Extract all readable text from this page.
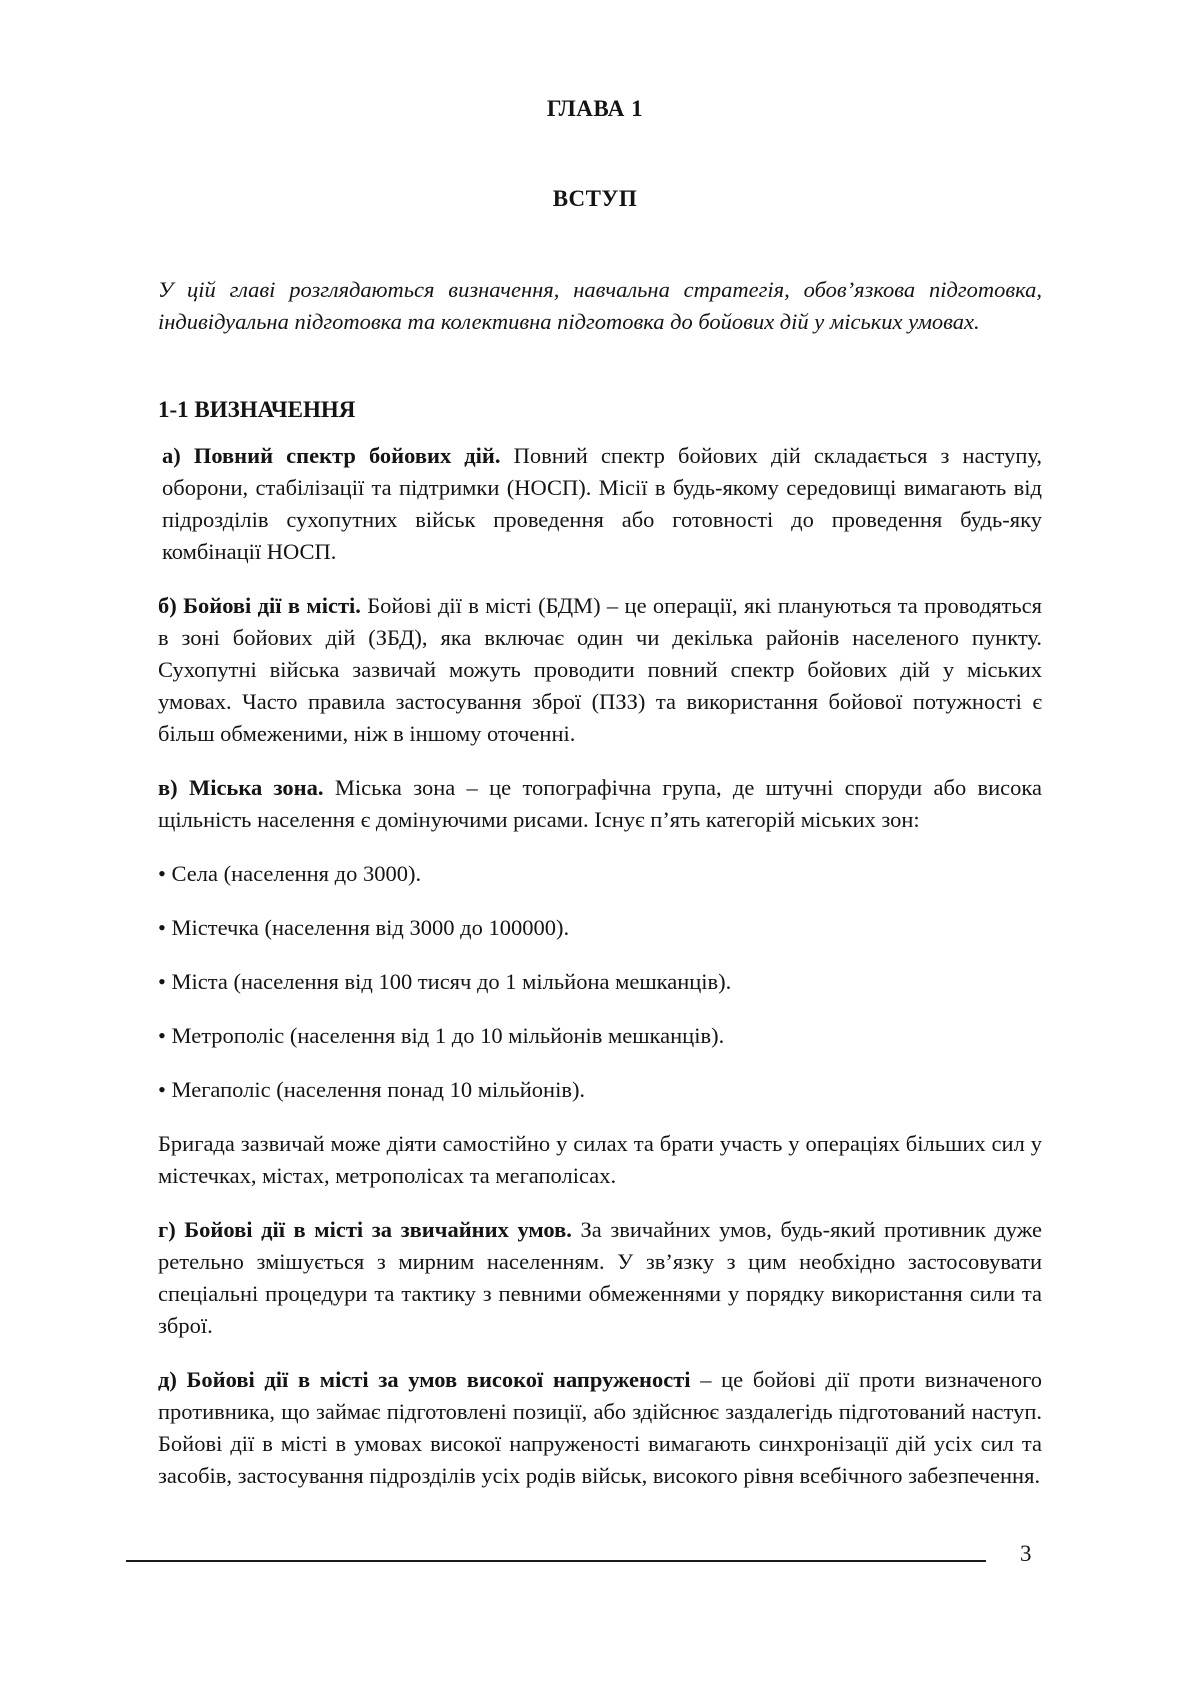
ГЛАВА 1
ВСТУП

У цій главі розглядаються визначення, навчальна стратегія, обов’язкова підготовка, індивідуальна підготовка та колективна підготовка до бойових дій у міських умовах.

1-1 ВИЗНАЧЕННЯ

а) Повний спектр бойових дій. Повний спектр бойових дій складається з наступу, оборони, стабілізації та підтримки (НОСП). Місії в будь-якому середовищі вимагають від підрозділів сухопутних військ проведення або готовності до проведення будь-яку комбінації НОСП.

б) Бойові дії в місті. Бойові дії в місті (БДМ) – це операції, які плануються та проводяться в зоні бойових дій (ЗБД), яка включає один чи декілька районів населеного пункту. Сухопутні війська зазвичай можуть проводити повний спектр бойових дій у міських умовах. Часто правила застосування зброї (ПЗЗ) та використання бойової потужності є більш обмеженими, ніж в іншому оточенні.

в) Міська зона. Міська зона – це топографічна група, де штучні споруди або висока щільність населення є домінуючими рисами. Існує п’ять категорій міських зон:

• Села (населення до 3000).
• Містечка (населення від 3000 до 100000).
• Міста (населення від 100 тисяч до 1 мільйона мешканців).
• Метрополіс (населення від 1 до 10 мільйонів мешканців).
• Мегаполіс (населення понад 10 мільйонів).

Бригада зазвичай може діяти самостійно у силах та брати участь у операціях більших сил у містечках, містах, метрополісах та мегаполісах.

г) Бойові дії в місті за звичайних умов. За звичайних умов, будь-який противник дуже ретельно змішується з мирним населенням. У зв’язку з цим необхідно застосовувати спеціальні процедури та тактику з певними обмеженнями у порядку використання сили та зброї.

д) Бойові дії в місті за умов високої напруженості – це бойові дії проти визначеного противника, що займає підготовлені позиції, або здійснює заздалегідь підготований наступ. Бойові дії в місті в умовах високої напруженості вимагають синхронізації дій усіх сил та засобів, застосування підрозділів усіх родів військ, високого рівня всебічного забезпечення.

3
